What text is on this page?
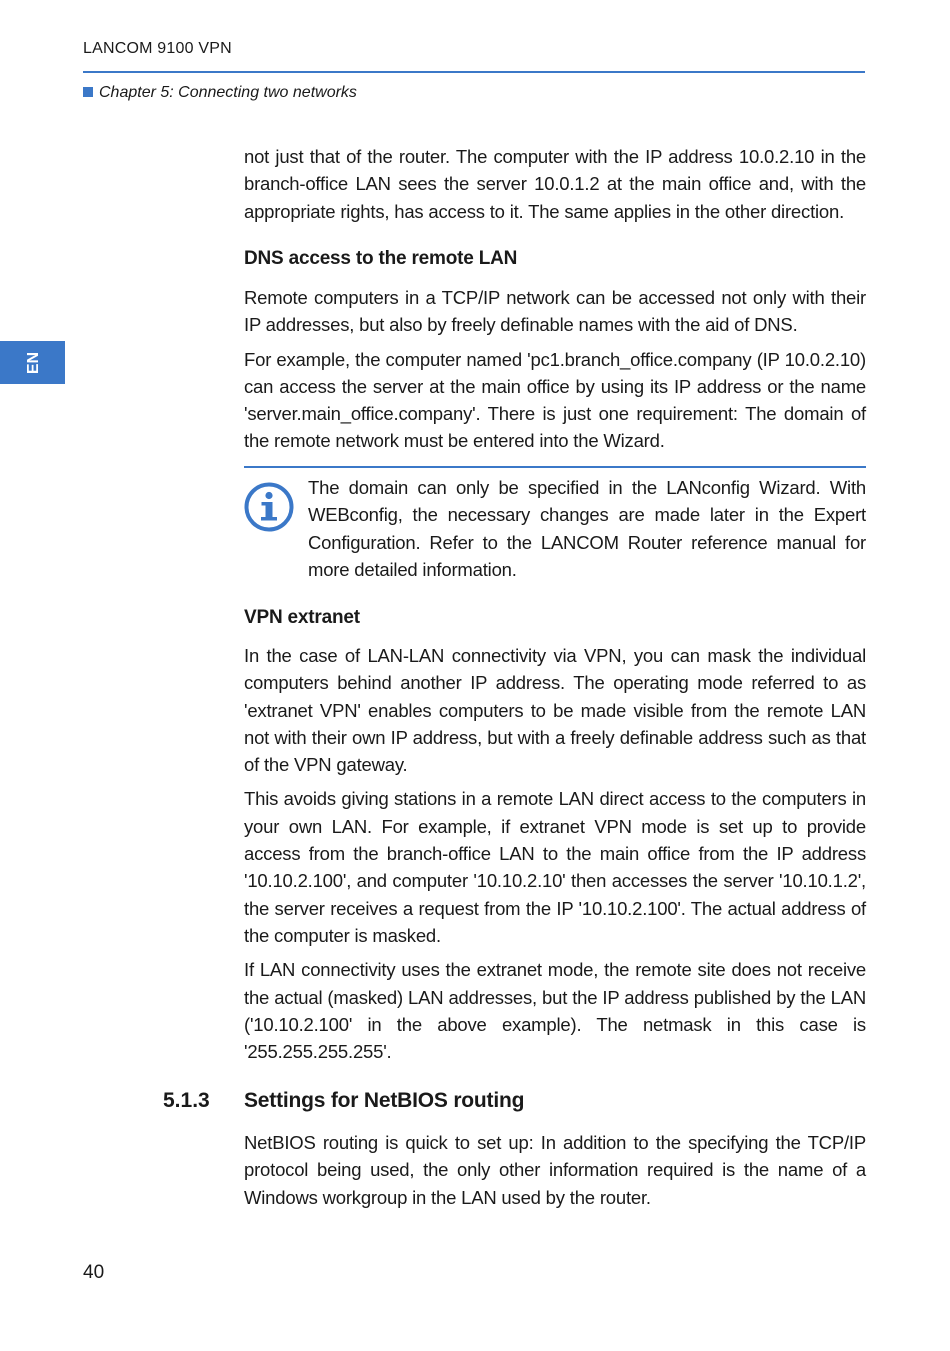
LANCOM 9100 VPN
Chapter 5: Connecting two networks
EN

not just that of the router. The computer with the IP address 10.0.2.10 in the branch-office LAN sees the server 10.0.1.2 at the main office and, with the appropriate rights, has access to it. The same applies in the other direction.

DNS access to the remote LAN

Remote computers in a TCP/IP network can be accessed not only with their IP addresses, but also by freely definable names with the aid of DNS.

For example, the computer named 'pc1.branch_office.company (IP 10.0.2.10) can access the server at the main office by using its IP address or the name 'server.main_office.company'. There is just one requirement: The domain of the remote network must be entered into the Wizard.

The domain can only be specified in the LANconfig Wizard. With WEBconfig, the necessary changes are made later in the Expert Configuration. Refer to the LANCOM Router reference manual for more detailed information.

VPN extranet

In the case of LAN-LAN connectivity via VPN, you can mask the individual computers behind another IP address. The operating mode referred to as 'extranet VPN' enables computers to be made visible from the remote LAN not with their own IP address, but with a freely definable address such as that of the VPN gateway.

This avoids giving stations in a remote LAN direct access to the computers in your own LAN. For example, if extranet VPN mode is set up to provide access from the branch-office LAN to the main office from the IP address '10.10.2.100', and computer '10.10.2.10' then accesses the server '10.10.1.2', the server receives a request from the IP '10.10.2.100'. The actual address of the computer is masked.

If LAN connectivity uses the extranet mode, the remote site does not receive the actual (masked) LAN addresses, but the IP address published by the LAN ('10.10.2.100' in the above example). The netmask in this case is '255.255.255.255'.

5.1.3 Settings for NetBIOS routing

NetBIOS routing is quick to set up: In addition to the specifying the TCP/IP protocol being used, the only other information required is the name of a Windows workgroup in the LAN used by the router.

40
